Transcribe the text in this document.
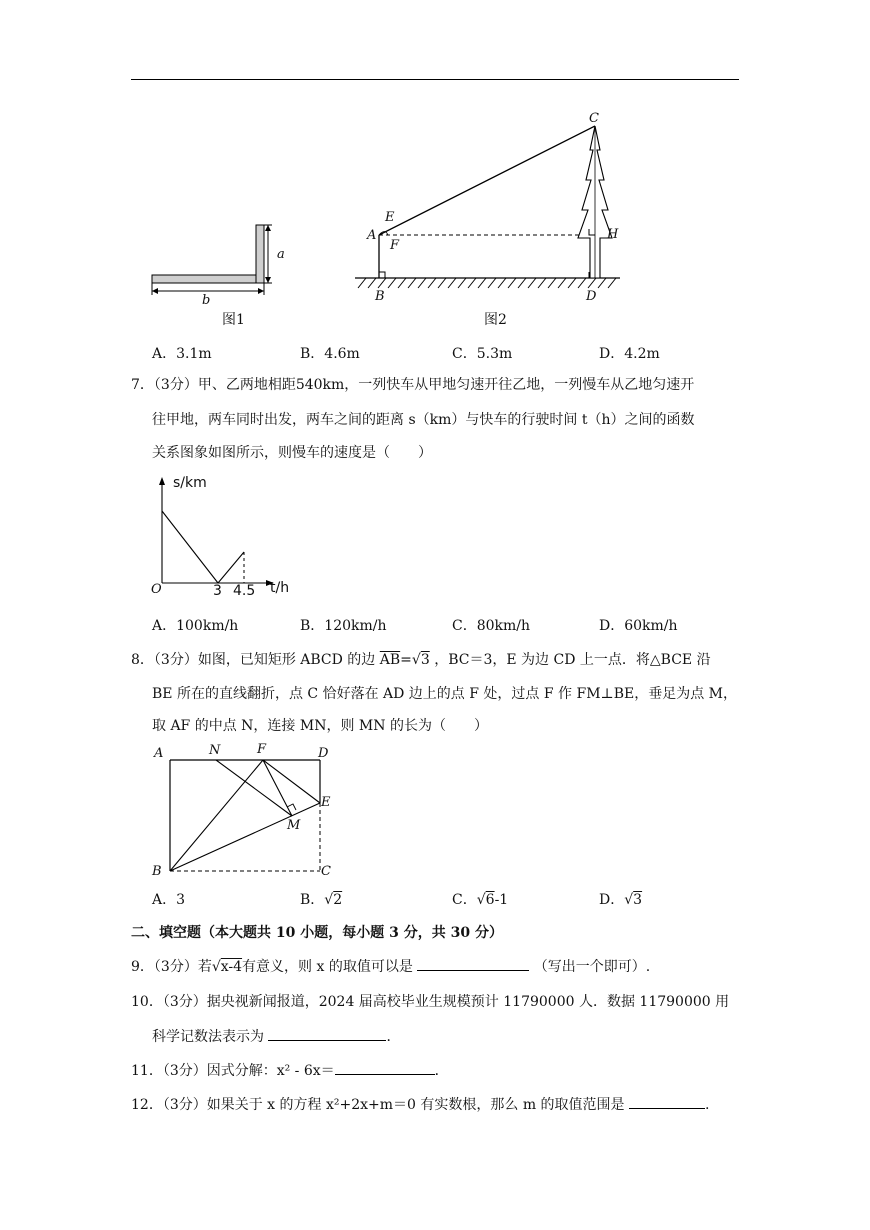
a
b
图1
C
E
A
F
H
B	D
图2
A．3.1m	B．4.6m	C．5.3m	D．4.2m
7．（3分）甲、乙两地相距540km，一列快车从甲地匀速开往乙地，一列慢车从乙地匀速开
往甲地，两车同时出发，两车之间的距离 s（km）与快车的行驶时间 t（h）之间的函数
关系图象如图所示，则慢车的速度是（　　）
s/km
t/h
O	3 4.5
A．100km/h	B．120km/h	C．80km/h	D．60km/h
8．（3分）如图，已知矩形 ABCD 的边 $\overline{AB}=√3$ ，BC＝3，E 为边 CD 上一点．将△BCE 沿
BE 所在的直线翻折，点 C 恰好落在 AD 边上的点 F 处，过点 F 作 FM⊥BE，垂足为点 M，
取 AF 的中点 N，连接 MN，则 MN 的长为（　　）
A	N	F	D
E
M
B	C
A．3	B．√2	C．√6-1	D．√3
二、填空题（本大题共 10 小题，每小题 3 分，共 30 分）
9．（3分）若√x-4有意义，则 x 的取值可以是	（写出一个即可）.
10．（3分）据央视新闻报道，2024 届高校毕业生规模预计 11790000 人．数据 11790000 用
科学记数法表示为	．
11．（3分）因式分解：x² - 6x＝	．
12．（3分）如果关于 x 的方程 x²+2x+m＝0 有实数根，那么 m 的取值范围是	.
